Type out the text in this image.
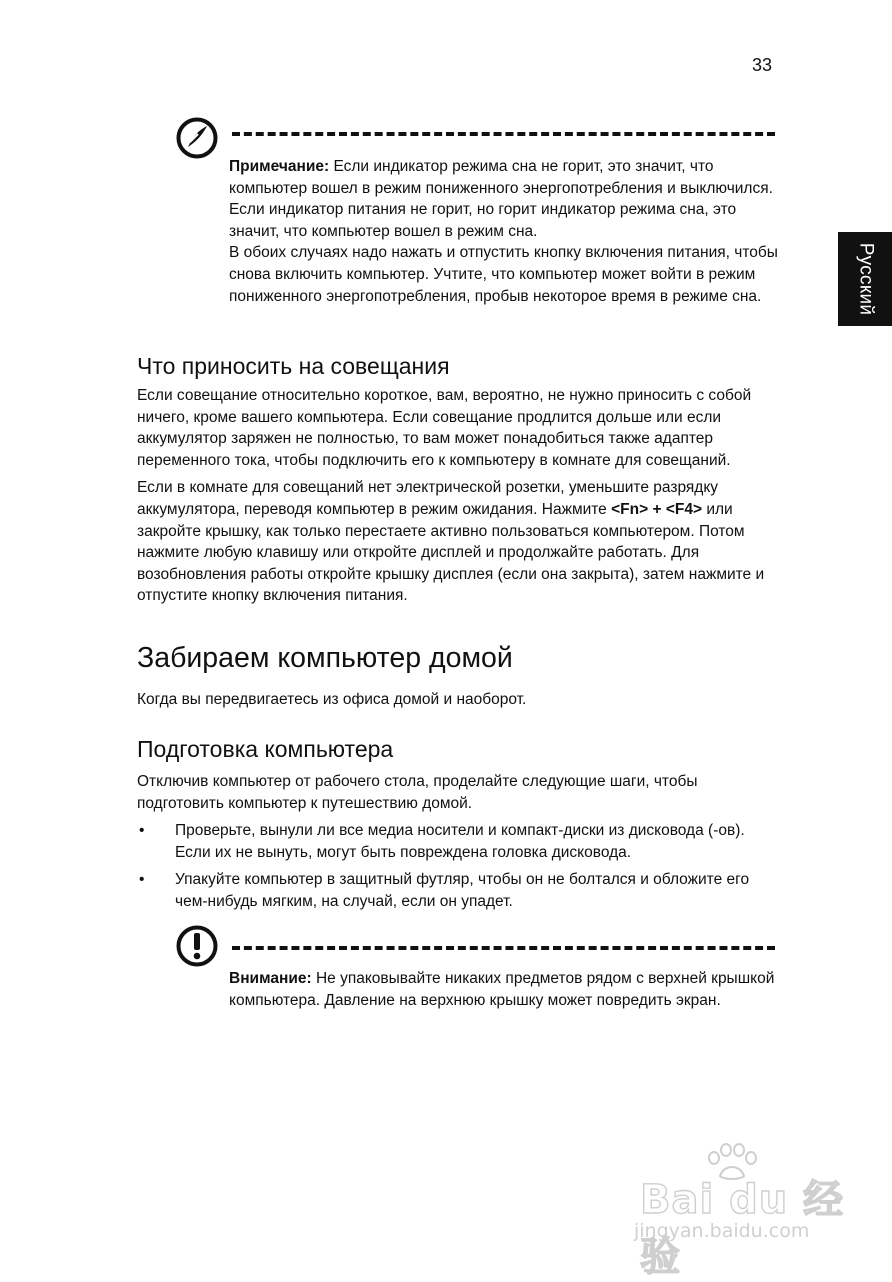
33
Русский
Примечание: Если индикатор режима сна не горит, это значит, что компьютер вошел в режим пониженного энергопотребления и выключился. Если индикатор питания не горит, но горит индикатор режима сна, это значит, что компьютер вошел в режим сна.
В обоих случаях надо нажать и отпустить кнопку включения питания, чтобы снова включить компьютер. Учтите, что компьютер может войти в режим пониженного энергопотребления, пробыв некоторое время в режиме сна.
Что приносить на совещания

Если совещание относительно короткое, вам, вероятно, не нужно приносить с собой ничего, кроме вашего компьютера. Если совещание продлится дольше или если аккумулятор заряжен не полностью, то вам может понадобиться также адаптер переменного тока, чтобы подключить его к компьютеру в комнате для совещаний.

Если в комнате для совещаний нет электрической розетки, уменьшите разрядку аккумулятора, переводя компьютер в режим ожидания. Нажмите <Fn> + <F4> или закройте крышку, как только перестаете активно пользоваться компьютером. Потом нажмите любую клавишу или откройте дисплей и продолжайте работать. Для возобновления работы откройте крышку дисплея (если она закрыта), затем нажмите и отпустите кнопку включения питания.

Забираем компьютер домой

Когда вы передвигаетесь из офиса домой и наоборот.

Подготовка компьютера

Отключив компьютер от рабочего стола, проделайте следующие шаги, чтобы подготовить компьютер к путешествию домой.

• Проверьте, вынули ли все медиа носители и компакт-диски из дисковода (-ов). Если их не вынуть, могут быть повреждена головка дисковода.
• Упакуйте компьютер в защитный футляр, чтобы он не болтался и обложите его чем-нибудь мягким, на случай, если он упадет.
Внимание: Не упаковывайте никаких предметов рядом с верхней крышкой компьютера. Давление на верхнюю крышку может повредить экран.
Bai du 经验
jingyan.baidu.com
